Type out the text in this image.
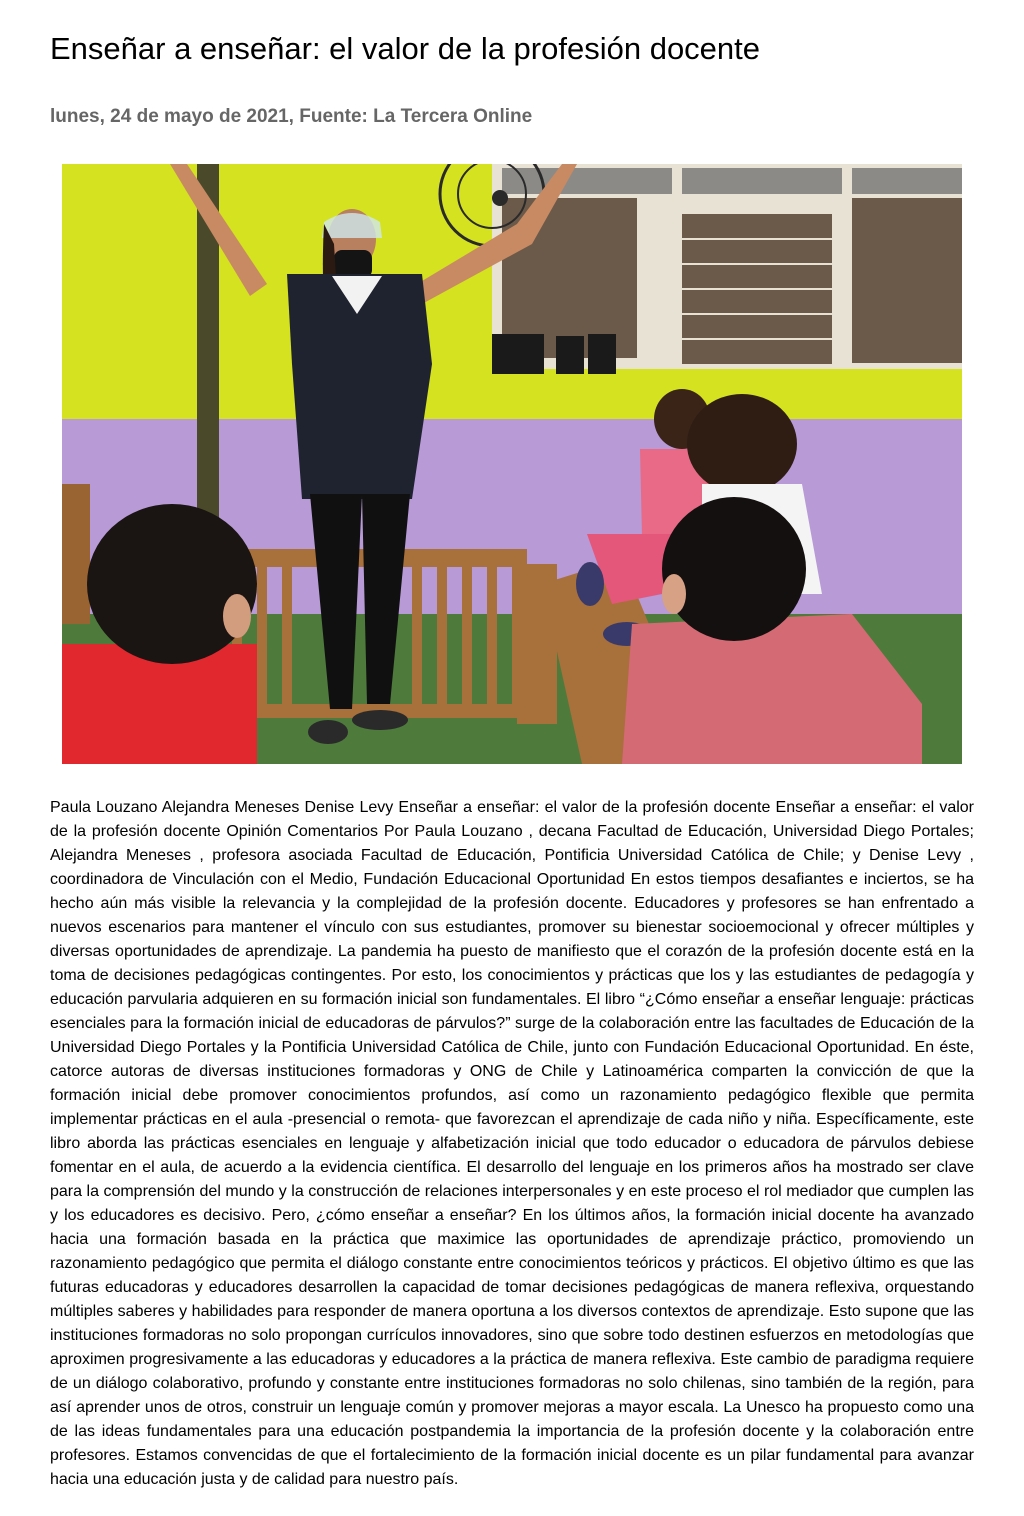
Enseñar a enseñar: el valor de la profesión docente

lunes, 24 de mayo de 2021, Fuente: La Tercera Online

Paula Louzano Alejandra Meneses Denise Levy Enseñar a enseñar: el valor de la profesión docente Enseñar a enseñar: el valor de la profesión docente Opinión Comentarios Por Paula Louzano , decana Facultad de Educación, Universidad Diego Portales; Alejandra Meneses , profesora asociada Facultad de Educación, Pontificia Universidad Católica de Chile; y Denise Levy , coordinadora de Vinculación con el Medio, Fundación Educacional Oportunidad En estos tiempos desafiantes e inciertos, se ha hecho aún más visible la relevancia y la complejidad de la profesión docente. Educadores y profesores se han enfrentado a nuevos escenarios para mantener el vínculo con sus estudiantes, promover su bienestar socioemocional y ofrecer múltiples y diversas oportunidades de aprendizaje. La pandemia ha puesto de manifiesto que el corazón de la profesión docente está en la toma de decisiones pedagógicas contingentes. Por esto, los conocimientos y prácticas que los y las estudiantes de pedagogía y educación parvularia adquieren en su formación inicial son fundamentales. El libro “¿Cómo enseñar a enseñar lenguaje: prácticas esenciales para la formación inicial de educadoras de párvulos?” surge de la colaboración entre las facultades de Educación de la Universidad Diego Portales y la Pontificia Universidad Católica de Chile, junto con Fundación Educacional Oportunidad. En éste, catorce autoras de diversas instituciones formadoras y ONG de Chile y Latinoamérica comparten la convicción de que la formación inicial debe promover conocimientos profundos, así como un razonamiento pedagógico flexible que permita implementar prácticas en el aula -presencial o remota- que favorezcan el aprendizaje de cada niño y niña. Específicamente, este libro aborda las prácticas esenciales en lenguaje y alfabetización inicial que todo educador o educadora de párvulos debiese fomentar en el aula, de acuerdo a la evidencia científica. El desarrollo del lenguaje en los primeros años ha mostrado ser clave para la comprensión del mundo y la construcción de relaciones interpersonales y en este proceso el rol mediador que cumplen las y los educadores es decisivo. Pero, ¿cómo enseñar a enseñar? En los últimos años, la formación inicial docente ha avanzado hacia una formación basada en la práctica que maximice las oportunidades de aprendizaje práctico, promoviendo un razonamiento pedagógico que permita el diálogo constante entre conocimientos teóricos y prácticos. El objetivo último es que las futuras educadoras y educadores desarrollen la capacidad de tomar decisiones pedagógicas de manera reflexiva, orquestando múltiples saberes y habilidades para responder de manera oportuna a los diversos contextos de aprendizaje. Esto supone que las instituciones formadoras no solo propongan currículos innovadores, sino que sobre todo destinen esfuerzos en metodologías que aproximen progresivamente a las educadoras y educadores a la práctica de manera reflexiva. Este cambio de paradigma requiere de un diálogo colaborativo, profundo y constante entre instituciones formadoras no solo chilenas, sino también de la región, para así aprender unos de otros, construir un lenguaje común y promover mejoras a mayor escala. La Unesco ha propuesto como una de las ideas fundamentales para una educación postpandemia la importancia de la profesión docente y la colaboración entre profesores. Estamos convencidas de que el fortalecimiento de la formación inicial docente es un pilar fundamental para avanzar hacia una educación justa y de calidad para nuestro país.
